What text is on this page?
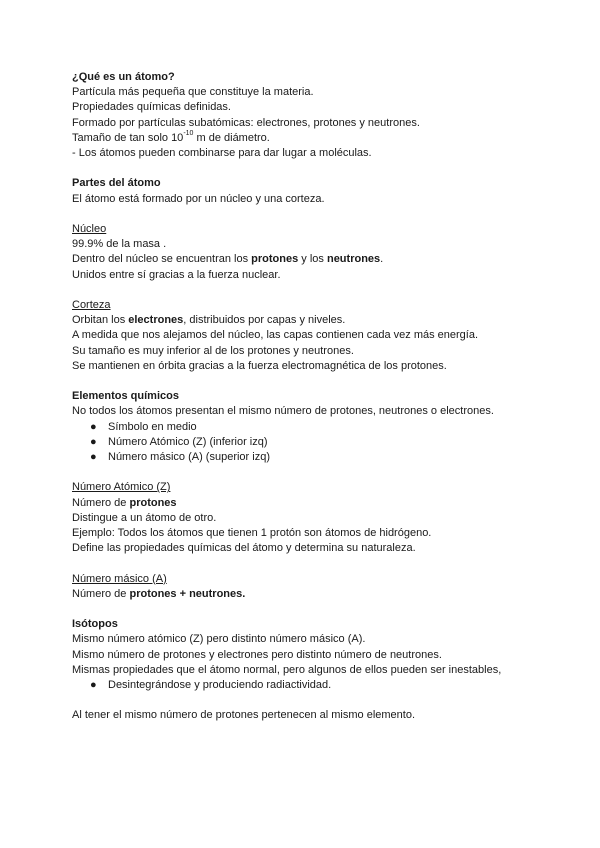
¿Qué es un átomo?
Partícula más pequeña que constituye la materia.
Propiedades químicas definidas.
Formado por partículas subatómicas: electrones, protones y neutrones.
Tamaño de tan solo $10^{-10}$ m de diámetro.
- Los átomos pueden combinarse para dar lugar a moléculas.
Partes del átomo
El átomo está formado por un núcleo y una corteza.
Núcleo
99.9% de la masa .
Dentro del núcleo se encuentran los protones y los neutrones.
Unidos entre sí gracias a la fuerza nuclear.
Corteza
Orbitan los electrones, distribuidos por capas y niveles.
A medida que nos alejamos del núcleo, las capas contienen cada vez más energía.
Su tamaño es muy inferior al de los protones y neutrones.
Se mantienen en órbita gracias a la fuerza electromagnética de los protones.
Elementos químicos
No todos los átomos presentan el mismo número de protones, neutrones o electrones.
● Símbolo en medio
● Número Atómico (Z) (inferior izq)
● Número másico (A) (superior izq)
Número Atómico (Z)
Número de protones
Distingue a un átomo de otro.
Ejemplo: Todos los átomos que tienen 1 protón son átomos de hidrógeno.
Define las propiedades químicas del átomo y determina su naturaleza.
Número másico (A)
Número de protones + neutrones.
Isótopos
Mismo número atómico (Z) pero distinto número másico (A).
Mismo número de protones y electrones pero distinto número de neutrones.
Mismas propiedades que el átomo normal, pero algunos de ellos pueden ser inestables,
● Desintegrándose y produciendo radiactividad.
Al tener el mismo número de protones pertenecen al mismo elemento.
